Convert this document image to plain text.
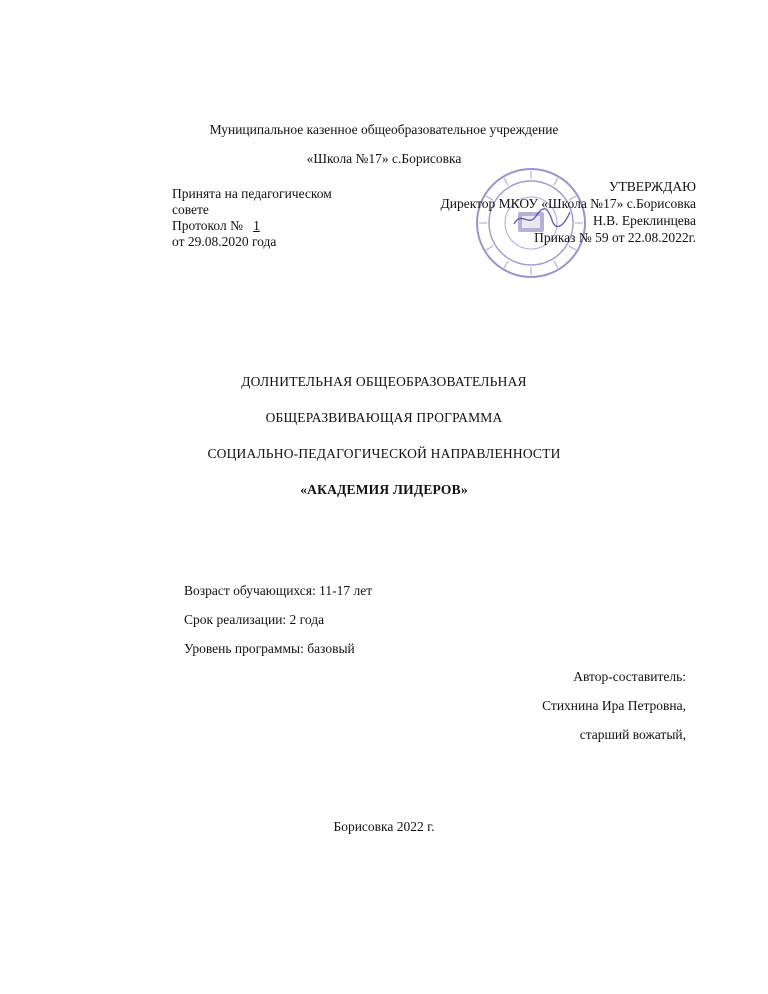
Муниципальное казенное общеобразовательное учреждение
«Школа №17» с.Борисовка
Принята на педагогическом
совете
Протокол № 1
от 29.08.2020 года
УТВЕРЖДАЮ
Директор МКОУ «Школа №17» с.Борисовка
Н.В. Ереклинцева
Приказ № 59 от 22.08.2022г.
ДОЛНИТЕЛЬНАЯ ОБЩЕОБРАЗОВАТЕЛЬНАЯ
ОБЩЕРАЗВИВАЮЩАЯ ПРОГРАММА
СОЦИАЛЬНО-ПЕДАГОГИЧЕСКОЙ НАПРАВЛЕННОСТИ
«АКАДЕМИЯ ЛИДЕРОВ»
Возраст обучающихся: 11-17 лет
Срок реализации: 2 года
Уровень программы: базовый
Автор-составитель:
Стихнина Ира Петровна,
старший вожатый,
Борисовка 2022 г.
